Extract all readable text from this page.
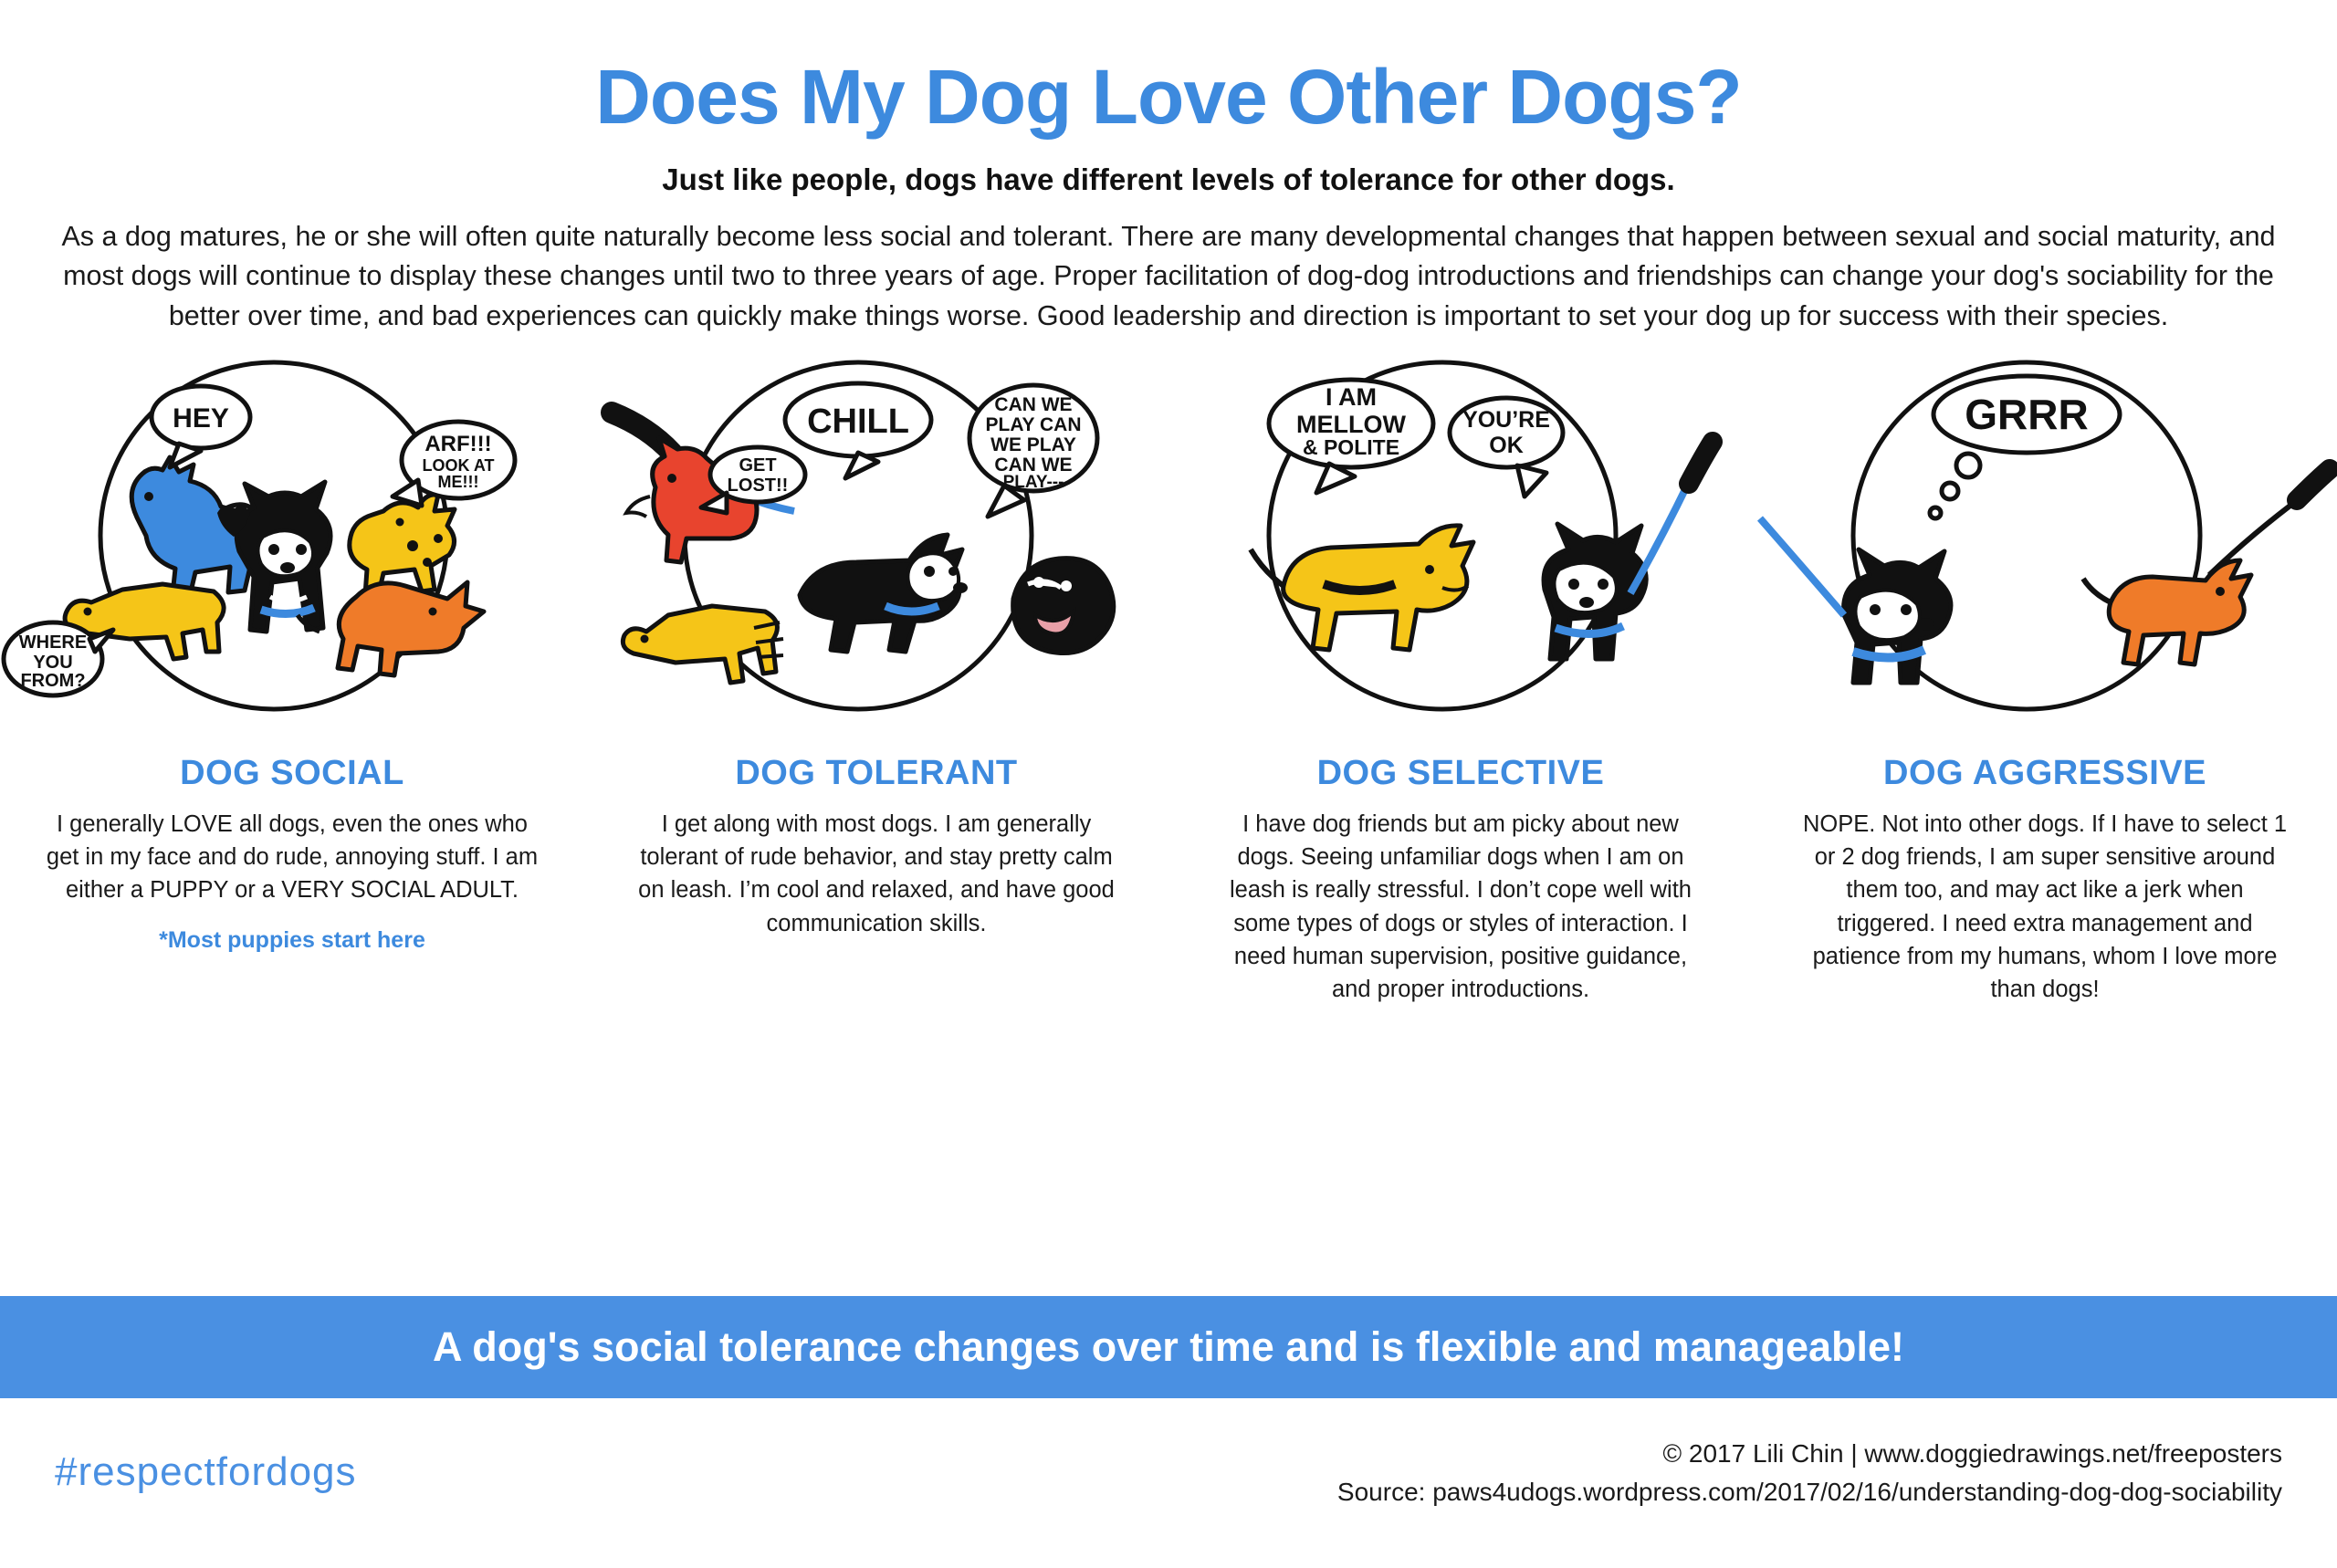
Does My Dog Love Other Dogs?
Just like people, dogs have different levels of tolerance for other dogs.

As a dog matures, he or she will often quite naturally become less social and tolerant. There are many developmental changes that happen between sexual and social maturity, and most dogs will continue to display these changes until two to three years of age. Proper facilitation of dog-dog introductions and friendships can change your dog's sociability for the better over time, and bad experiences can quickly make things worse. Good leadership and direction is important to set your dog up for success with their species.

HEY
ARF!!!
LOOK AT
ME!!!
WHERE
YOU
FROM?
DOG SOCIAL
I generally LOVE all dogs, even the ones who get in my face and do rude, annoying stuff. I am either a PUPPY or a VERY SOCIAL ADULT.
*Most puppies start here
CHILL
GET
LOST!!
CAN WE
PLAY CAN
WE PLAY
CAN WE
PLAY---
DOG TOLERANT
I get along with most dogs. I am generally tolerant of rude behavior, and stay pretty calm on leash. I’m cool and relaxed, and have good communication skills.
I AM
MELLOW
& POLITE
YOU’RE
OK
DOG SELECTIVE
I have dog friends but am picky about new dogs. Seeing unfamiliar dogs when I am on leash is really stressful. I don’t cope well with some types of dogs or styles of interaction. I need human supervision, positive guidance, and proper introductions.
GRRR
DOG AGGRESSIVE
NOPE. Not into other dogs. If I have to select 1 or 2 dog friends, I am super sensitive around them too, and may act like a jerk when triggered. I need extra management and patience from my humans, whom I love more than dogs!
A dog's social tolerance changes over time and is flexible and manageable!
#respectfordogs	© 2017 Lili Chin | www.doggiedrawings.net/freeposters
Source: paws4udogs.wordpress.com/2017/02/16/understanding-dog-dog-sociability
